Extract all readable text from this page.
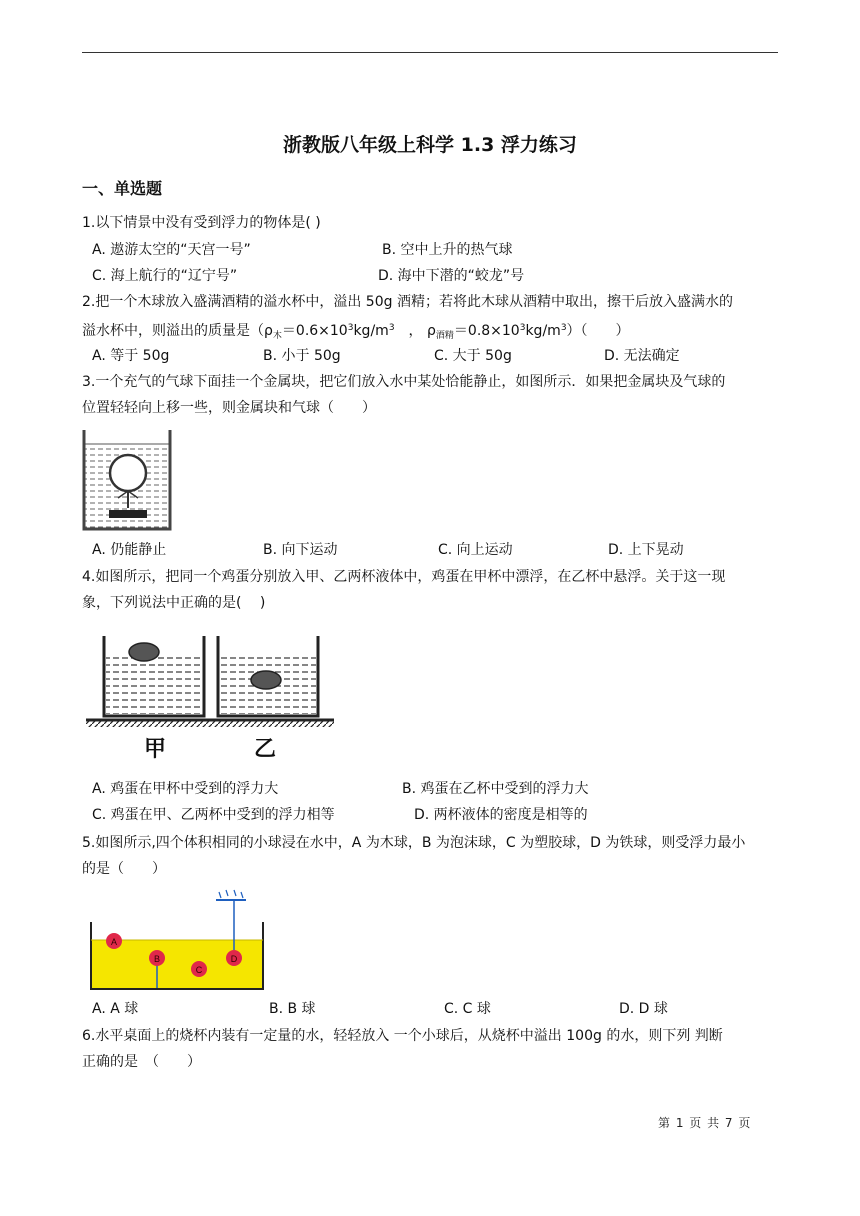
浙教版八年级上科学 1.3 浮力练习
一、单选题
1.以下情景中没有受到浮力的物体是( )
A. 遨游太空的“天宫一号”	B. 空中上升的热气球
C. 海上航行的“辽宁号”	D. 海中下潜的“蛟龙”号
2.把一个木球放入盛满酒精的溢水杯中，溢出 50g 酒精；若将此木球从酒精中取出，擦干后放入盛满水的
溢水杯中，则溢出的质量是（$\rho_木=0.6\times 10^3kg/m^3$ ， $\rho_{酒精}=0.8\times 10^3kg/m^3$）（　　）
A. 等于 50g	B. 小于 50g	C. 大于 50g	D. 无法确定
3.一个充气的气球下面挂一个金属块，把它们放入水中某处恰能静止，如图所示．如果把金属块及气球的
位置轻轻向上移一些，则金属块和气球（　　）
A. 仍能静止	B. 向下运动	C. 向上运动	D. 上下晃动
4.如图所示，把同一个鸡蛋分别放入甲、乙两杯液体中，鸡蛋在甲杯中漂浮，在乙杯中悬浮。关于这一现
象，下列说法中正确的是(　 )
甲	乙
A. 鸡蛋在甲杯中受到的浮力大	B. 鸡蛋在乙杯中受到的浮力大
C. 鸡蛋在甲、乙两杯中受到的浮力相等	D. 两杯液体的密度是相等的
5.如图所示,四个体积相同的小球浸在水中，A 为木球，B 为泡沫球，C 为塑胶球，D 为铁球，则受浮力最小
的是（　　）
A
B
C
D
A. A 球	B. B 球	C. C 球	D. D 球
6.水平桌面上的烧杯内装有一定量的水，轻轻放入 一个小球后，从烧杯中溢出 100g 的水，则下列 判断
正确的是　（　　）
第 1 页 共 7 页
